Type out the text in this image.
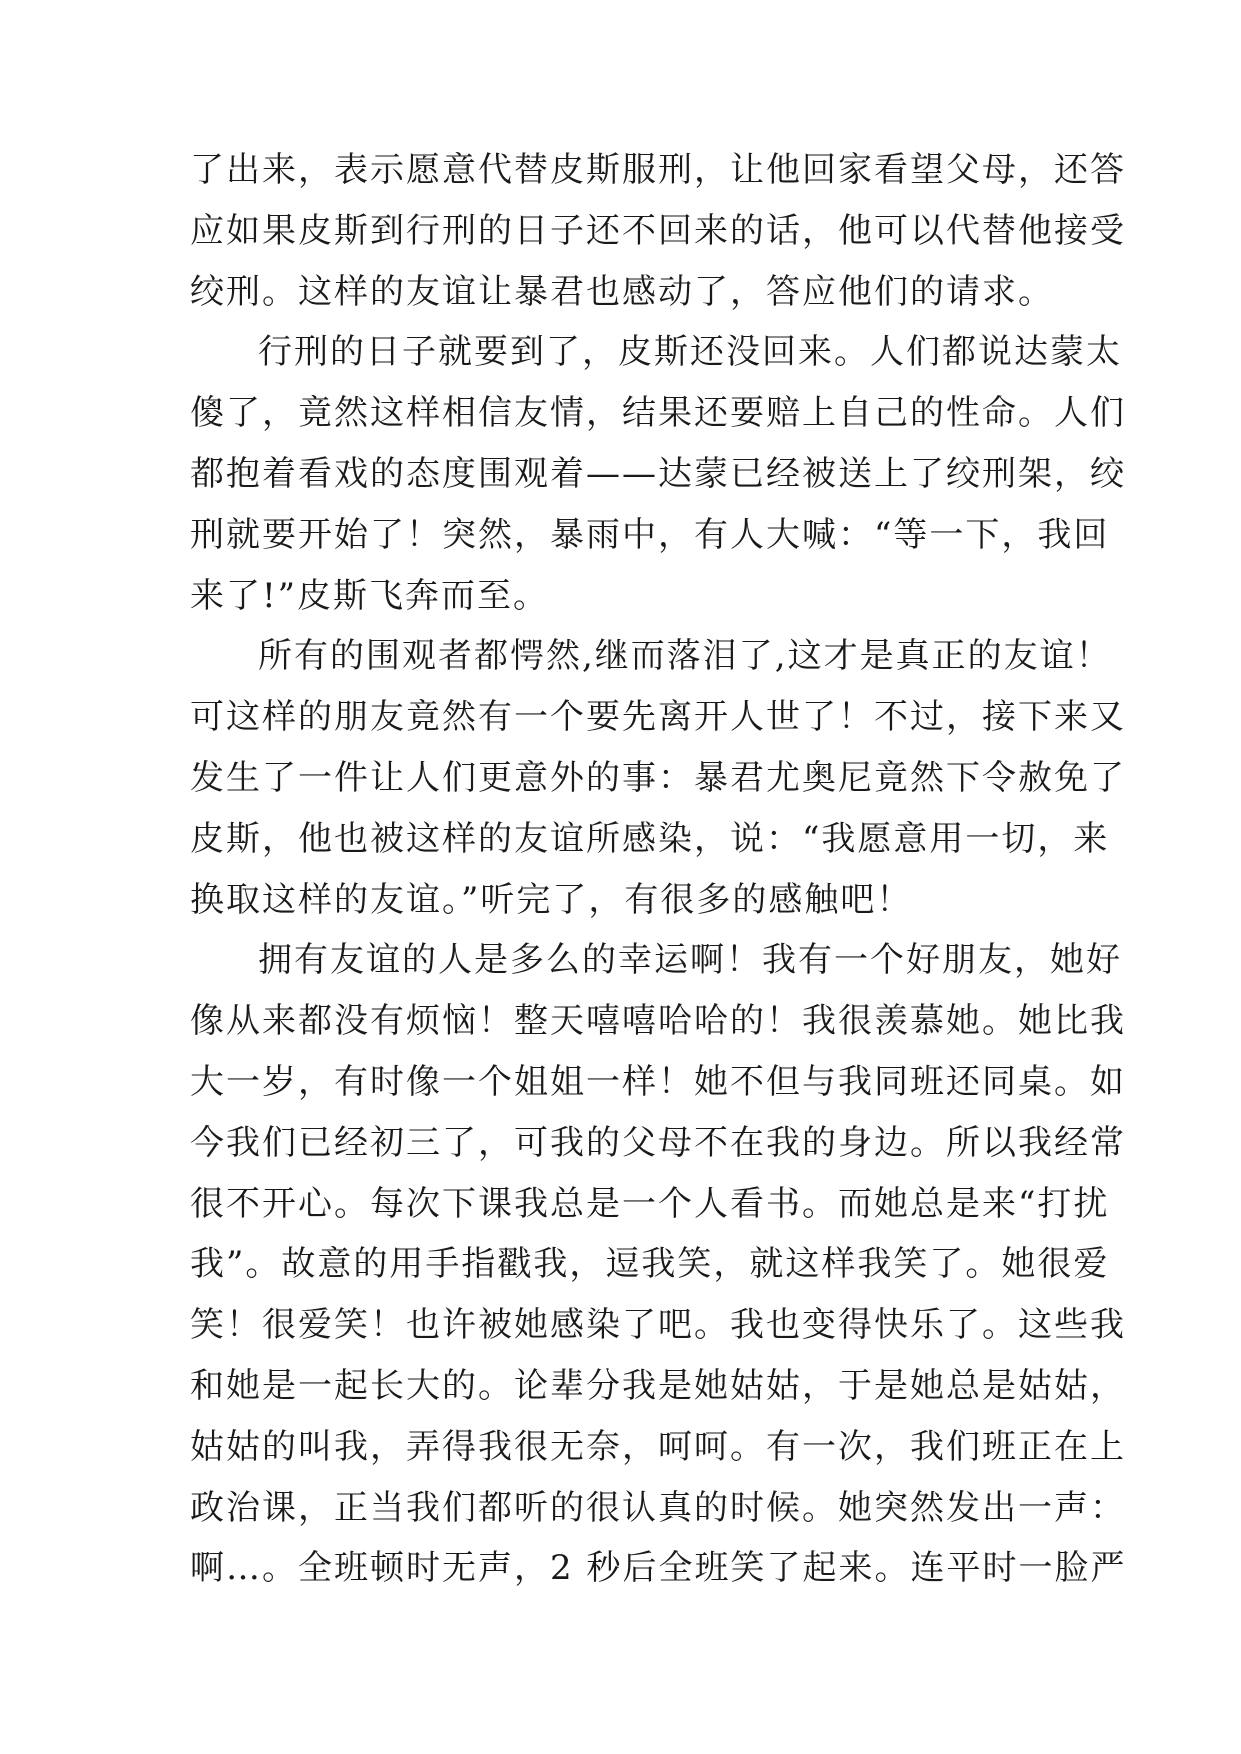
了出来，表示愿意代替皮斯服刑，让他回家看望父母，还答
应如果皮斯到行刑的日子还不回来的话，他可以代替他接受
绞刑。这样的友谊让暴君也感动了，答应他们的请求。
行刑的日子就要到了，皮斯还没回来。人们都说达蒙太
傻了，竟然这样相信友情，结果还要赔上自己的性命。人们
都抱着看戏的态度围观着——达蒙已经被送上了绞刑架，绞
刑就要开始了！突然，暴雨中，有人大喊：“等一下，我回
来了!”皮斯飞奔而至。
所有的围观者都愕然,继而落泪了,这才是真正的友谊！
可这样的朋友竟然有一个要先离开人世了！不过，接下来又
发生了一件让人们更意外的事：暴君尤奥尼竟然下令赦免了
皮斯，他也被这样的友谊所感染，说：“我愿意用一切，来
换取这样的友谊。”听完了，有很多的感触吧！
拥有友谊的人是多么的幸运啊！我有一个好朋友，她好
像从来都没有烦恼！整天嘻嘻哈哈的！我很羡慕她。她比我
大一岁，有时像一个姐姐一样！她不但与我同班还同桌。如
今我们已经初三了，可我的父母不在我的身边。所以我经常
很不开心。每次下课我总是一个人看书。而她总是来“打扰
我”。故意的用手指戳我，逗我笑，就这样我笑了。她很爱
笑！很爱笑！也许被她感染了吧。我也变得快乐了。这些我
和她是一起长大的。论辈分我是她姑姑，于是她总是姑姑，
姑姑的叫我，弄得我很无奈，呵呵。有一次，我们班正在上
政治课，正当我们都听的很认真的时候。她突然发出一声：
啊…。全班顿时无声，2 秒后全班笑了起来。连平时一脸严
